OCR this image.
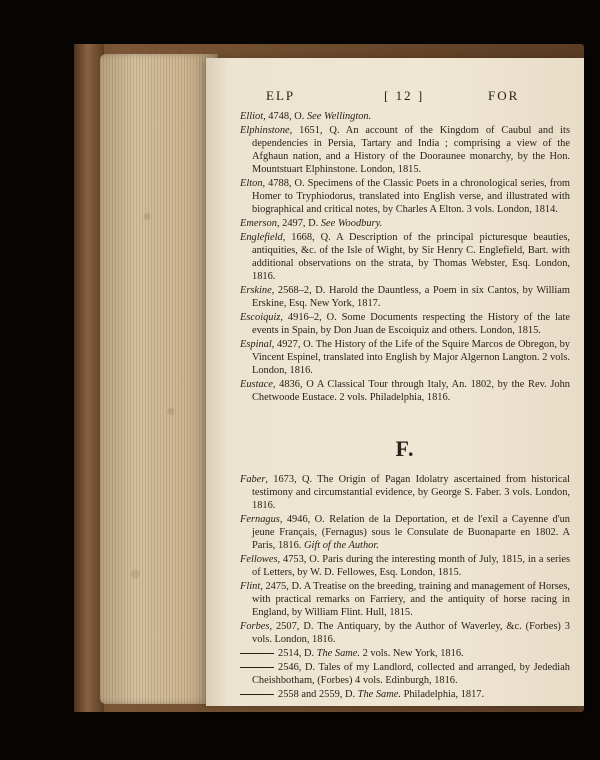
ELP	[ 12 ]	FOR
Elliot, 4748, O. See Wellington.
Elphinstone, 1651, Q. An account of the Kingdom of Caubul and its dependencies in Persia, Tartary and India ; comprising a view of the Afghaun nation, and a History of the Dooraunee monarchy, by the Hon. Mountstuart Elphinstone. London, 1815.
Elton, 4788, O. Specimens of the Classic Poets in a chronological series, from Homer to Tryphiodorus, translated into English verse, and illustrated with biographical and critical notes, by Charles A Elton. 3 vols. London, 1814.
Emerson, 2497, D. See Woodbury.
Englefield, 1668, Q. A Description of the principal picturesque beauties, antiquities, &c. of the Isle of Wight, by Sir Henry C. Englefield, Bart. with additional observations on the strata, by Thomas Webster, Esq. London, 1816.
Erskine, 2568–2, D. Harold the Dauntless, a Poem in six Cantos, by William Erskine, Esq. New York, 1817.
Escoiquiz, 4916–2, O. Some Documents respecting the History of the late events in Spain, by Don Juan de Escoiquiz and others. London, 1815.
Espinal, 4927, O. The History of the Life of the Squire Marcos de Obregon, by Vincent Espinel, translated into English by Major Algernon Langton. 2 vols. London, 1816.
Eustace, 4836, O A Classical Tour through Italy, An. 1802, by the Rev. John Chetwoode Eustace. 2 vols. Philadelphia, 1816.
F.
Faber, 1673, Q. The Origin of Pagan Idolatry ascertained from historical testimony and circumstantial evidence, by George S. Faber. 3 vols. London, 1816.
Fernagus, 4946, O. Relation de la Deportation, et de l'exil a Cayenne d'un jeune Français, (Fernagus) sous le Consulate de Buonaparte en 1802. A Paris, 1816. Gift of the Author.
Fellowes, 4753, O. Paris during the interesting month of July, 1815, in a series of Letters, by W. D. Fellowes, Esq. London, 1815.
Flint, 2475, D. A Treatise on the breeding, training and management of Horses, with practical remarks on Farriery, and the antiquity of horse racing in England, by William Flint. Hull, 1815.
Forbes, 2507, D. The Antiquary, by the Author of Waverley, &c. (Forbes) 3 vols. London, 1816.
2514, D. The Same. 2 vols. New York, 1816.
2546, D. Tales of my Landlord, collected and arranged, by Jedediah Cheishbotham, (Forbes) 4 vols. Edinburgh, 1816.
2558 and 2559, D. The Same. Philadelphia, 1817.
